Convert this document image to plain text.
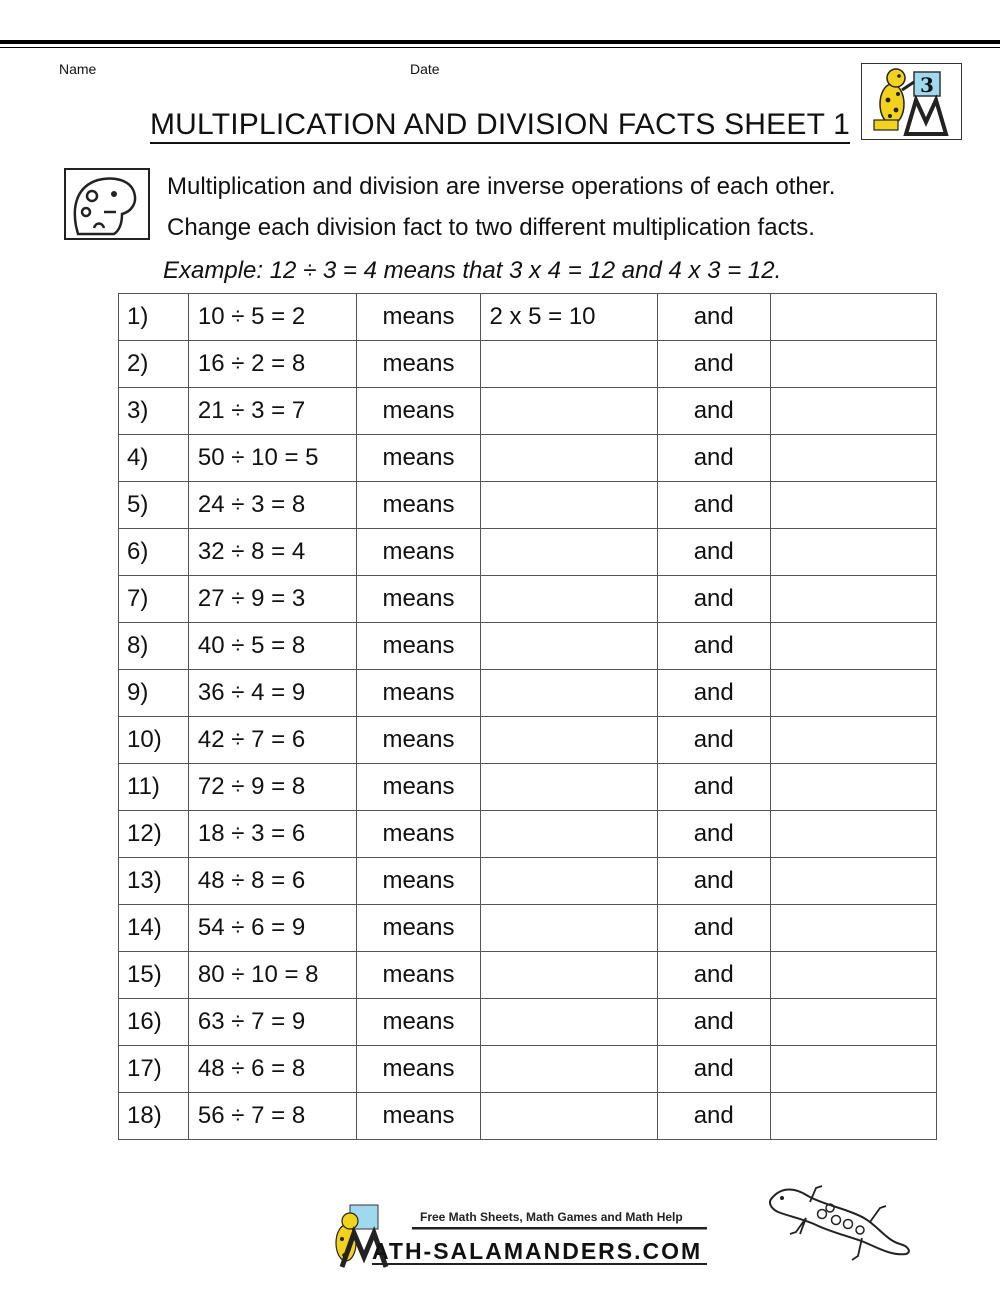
Name	Date
MULTIPLICATION AND DIVISION FACTS SHEET 1
3
Multiplication and division are inverse operations of each other.
Change each division fact to two different multiplication facts.
Example: 12 ÷ 3 = 4 means that 3 x 4 = 12 and 4 x 3 = 12.
1)	10 ÷ 5 = 2	means	2 x 5 = 10	and	
2)	16 ÷ 2 = 8	means		and	
3)	21 ÷ 3 = 7	means		and	
4)	50 ÷ 10 = 5	means		and	
5)	24 ÷ 3 = 8	means		and	
6)	32 ÷ 8 = 4	means		and	
7)	27 ÷ 9 = 3	means		and	
8)	40 ÷ 5 = 8	means		and	
9)	36 ÷ 4 = 9	means		and	
10)	42 ÷ 7 = 6	means		and	
11)	72 ÷ 9 = 8	means		and	
12)	18 ÷ 3 = 6	means		and	
13)	48 ÷ 8 = 6	means		and	
14)	54 ÷ 6 = 9	means		and	
15)	80 ÷ 10 = 8	means		and	
16)	63 ÷ 7 = 9	means		and	
17)	48 ÷ 6 = 8	means		and	
18)	56 ÷ 7 = 8	means		and	
Free Math Sheets, Math Games and Math Help
ATH-SALAMANDERS.COM
